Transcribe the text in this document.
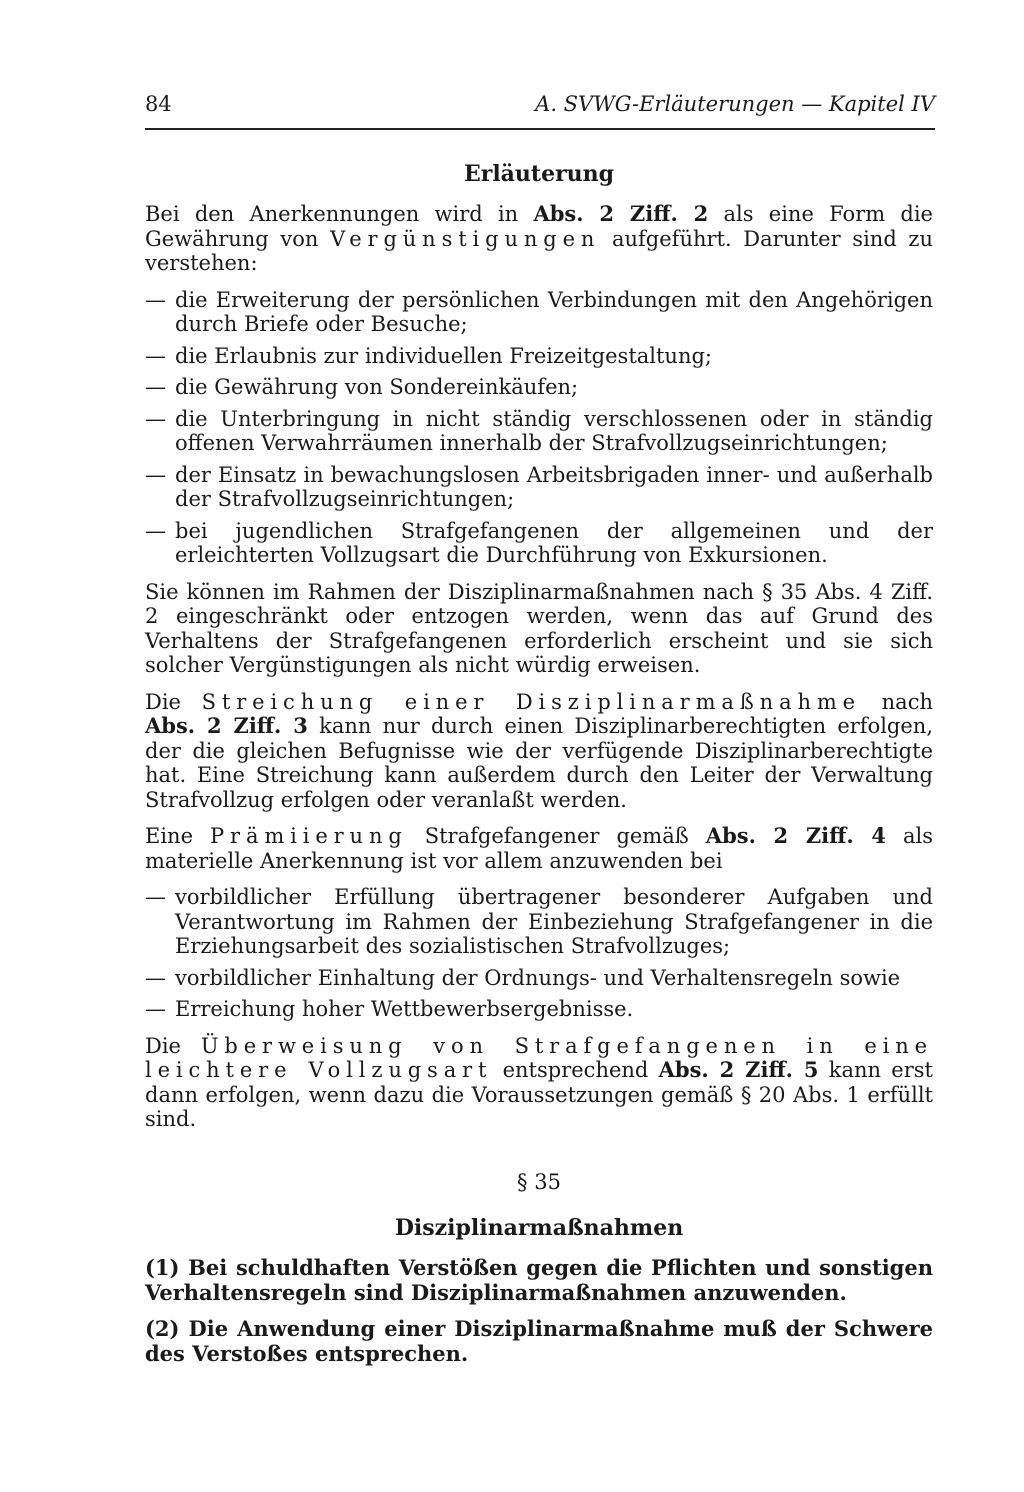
84	A. SVWG-Erläuterungen — Kapitel IV
Erläuterung

Bei den Anerkennungen wird in Abs. 2 Ziff. 2 als eine Form die Gewährung von Vergünstigungen aufgeführt. Darunter sind zu verstehen:

— die Erweiterung der persönlichen Verbindungen mit den Angehörigen durch Briefe oder Besuche;
— die Erlaubnis zur individuellen Freizeitgestaltung;
— die Gewährung von Sondereinkäufen;
— die Unterbringung in nicht ständig verschlossenen oder in ständig offenen Verwahrräumen innerhalb der Strafvollzugseinrichtungen;
— der Einsatz in bewachungslosen Arbeitsbrigaden inner- und außerhalb der Strafvollzugseinrichtungen;
— bei jugendlichen Strafgefangenen der allgemeinen und der erleichterten Vollzugsart die Durchführung von Exkursionen.

Sie können im Rahmen der Disziplinarmaßnahmen nach § 35 Abs. 4 Ziff. 2 eingeschränkt oder entzogen werden, wenn das auf Grund des Verhaltens der Strafgefangenen erforderlich erscheint und sie sich solcher Vergünstigungen als nicht würdig erweisen.

Die Streichung einer Disziplinarmaßnahme nach Abs. 2 Ziff. 3 kann nur durch einen Disziplinarberechtigten erfolgen, der die gleichen Befugnisse wie der verfügende Disziplinarberechtigte hat. Eine Streichung kann außerdem durch den Leiter der Verwaltung Strafvollzug erfolgen oder veranlaßt werden.

Eine Prämiierung Strafgefangener gemäß Abs. 2 Ziff. 4 als materielle Anerkennung ist vor allem anzuwenden bei

— vorbildlicher Erfüllung übertragener besonderer Aufgaben und Verantwortung im Rahmen der Einbeziehung Strafgefangener in die Erziehungsarbeit des sozialistischen Strafvollzuges;
— vorbildlicher Einhaltung der Ordnungs- und Verhaltensregeln sowie
— Erreichung hoher Wettbewerbsergebnisse.

Die Überweisung von Strafgefangenen in eine leichtere Vollzugsart entsprechend Abs. 2 Ziff. 5 kann erst dann erfolgen, wenn dazu die Voraussetzungen gemäß § 20 Abs. 1 erfüllt sind.

§ 35
Disziplinarmaßnahmen

(1) Bei schuldhaften Verstößen gegen die Pflichten und sonstigen Verhaltensregeln sind Disziplinarmaßnahmen anzuwenden.

(2) Die Anwendung einer Disziplinarmaßnahme muß der Schwere des Verstoßes entsprechen.
